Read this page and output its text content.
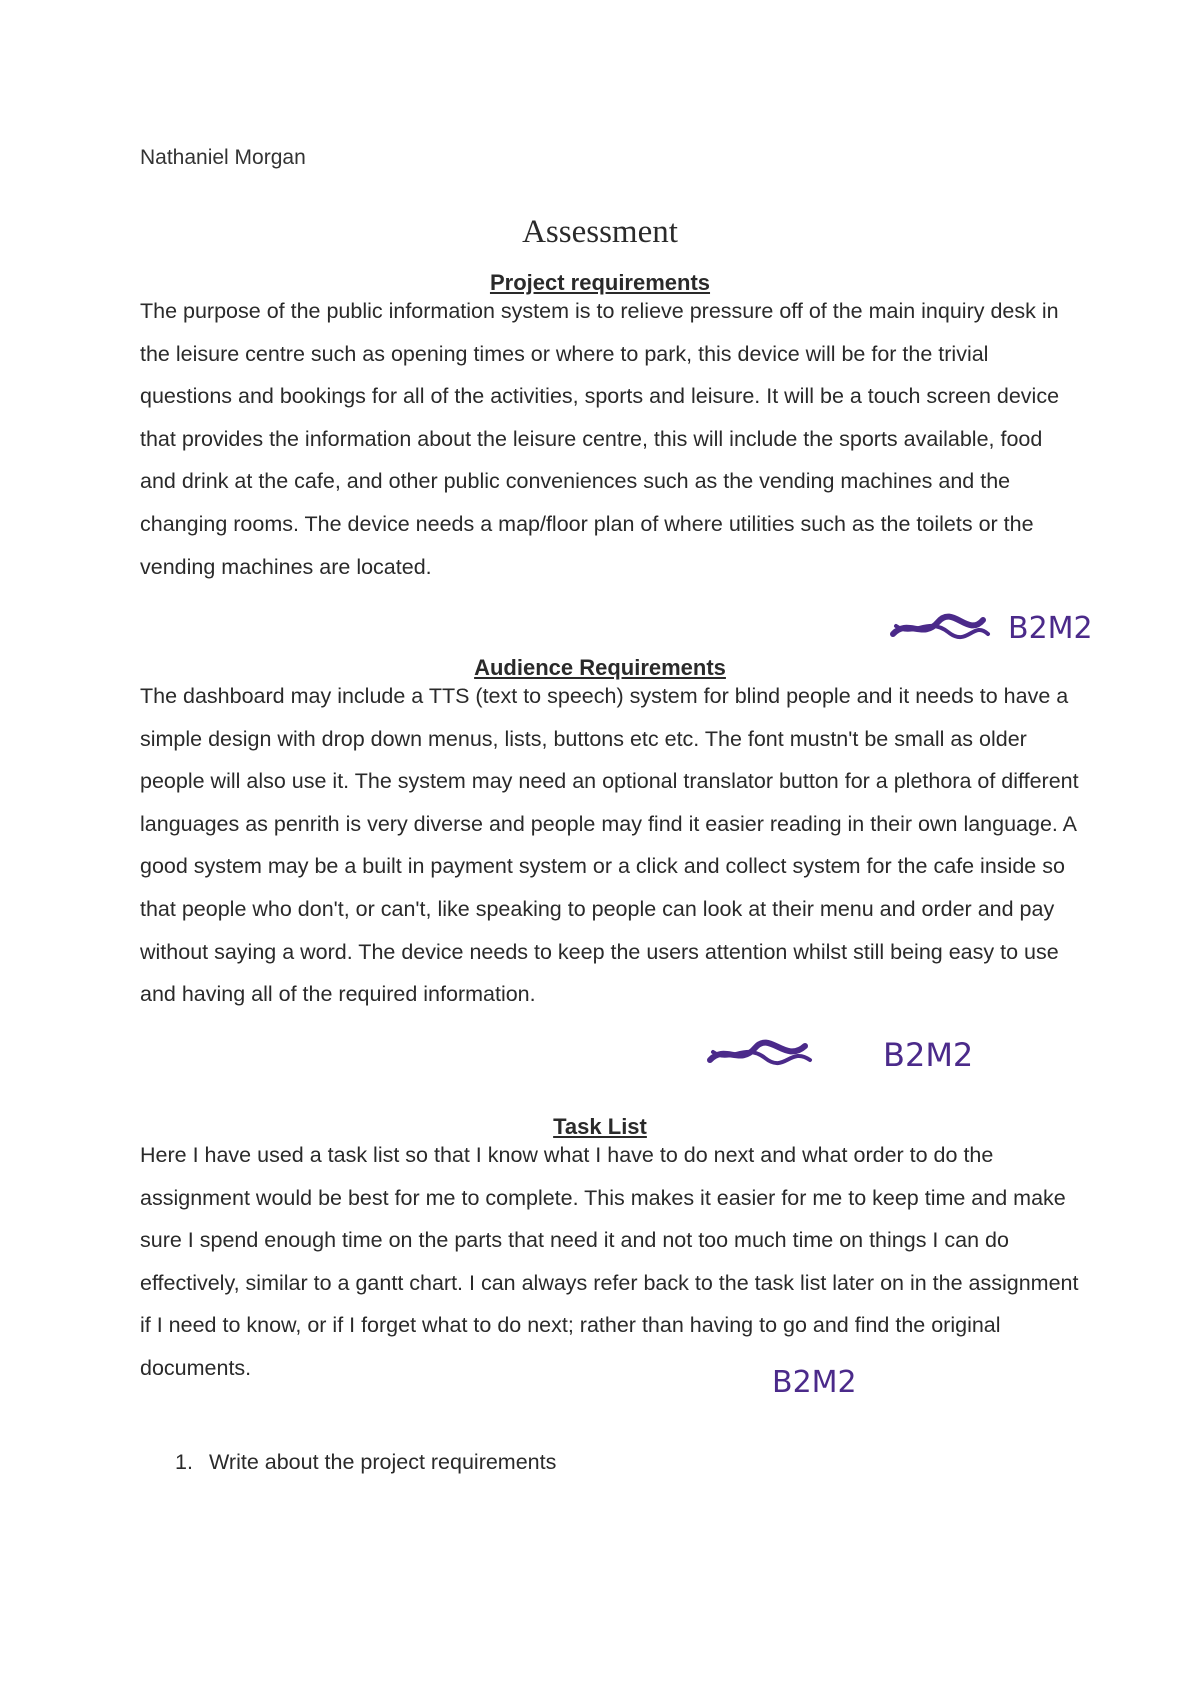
Nathaniel Morgan
Assessment
Project requirements

The purpose of the public information system is to relieve pressure off of the main inquiry desk in the leisure centre such as opening times or where to park, this device will be for the trivial questions and bookings for all of the activities, sports and leisure. It will be a touch screen device that provides the information about the leisure centre, this will include the sports available, food and drink at the cafe, and other public conveniences such as the vending machines and the changing rooms. The device needs a map/floor plan of where utilities such as the toilets or the vending machines are located.

B2M2
Audience Requirements

The dashboard may include a TTS (text to speech) system for blind people and it needs to have a simple design with drop down menus, lists, buttons etc etc. The font mustn't be small as older people will also use it. The system may need an optional translator button for a plethora of different languages as penrith is very diverse and people may find it easier reading in their own language. A good system may be a built in payment system or a click and collect system for the cafe inside so that people who don't, or can't, like speaking to people can look at their menu and order and pay without saying a word. The device needs to keep the users attention whilst still being easy to use and having all of the required information.

B2M2
Task List

Here I have used a task list so that I know what I have to do next and what order to do the assignment would be best for me to complete. This makes it easier for me to keep time and make sure I spend enough time on the parts that need it and not too much time on things I can do effectively, similar to a gantt chart. I can always refer back to the task list later on in the assignment if I need to know, or if I forget what to do next; rather than having to go and find the original documents.	B2M2
1. Write about the project requirements
